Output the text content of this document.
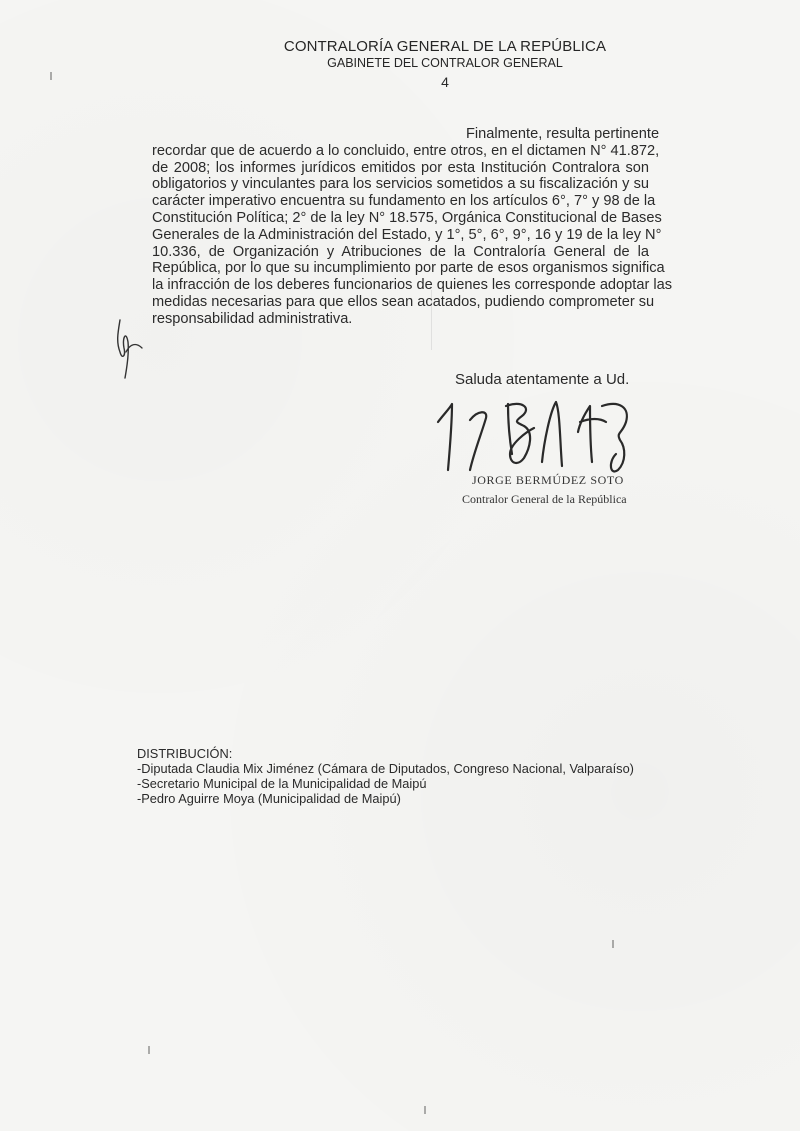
CONTRALORÍA GENERAL DE LA REPÚBLICA
GABINETE DEL CONTRALOR GENERAL
4
Finalmente, resulta pertinente
recordar que de acuerdo a lo concluido, entre otros, en el dictamen N° 41.872,
de 2008; los informes jurídicos emitidos por esta Institución Contralora son
obligatorios y vinculantes para los servicios sometidos a su fiscalización y su
carácter imperativo encuentra su fundamento en los artículos 6°, 7° y 98 de la
Constitución Política; 2° de la ley N° 18.575, Orgánica Constitucional de Bases
Generales de la Administración del Estado, y 1°, 5°, 6°, 9°, 16 y 19 de la ley N°
10.336, de Organización y Atribuciones de la Contraloría General de la
República, por lo que su incumplimiento por parte de esos organismos significa
la infracción de los deberes funcionarios de quienes les corresponde adoptar las
medidas necesarias para que ellos sean acatados, pudiendo comprometer su
responsabilidad administrativa.
Saluda atentamente a Ud.
JORGE BERMÚDEZ SOTO
Contralor General de la República
DISTRIBUCIÓN:
-Diputada Claudia Mix Jiménez (Cámara de Diputados, Congreso Nacional, Valparaíso)
-Secretario Municipal de la Municipalidad de Maipú
-Pedro Aguirre Moya (Municipalidad de Maipú)
